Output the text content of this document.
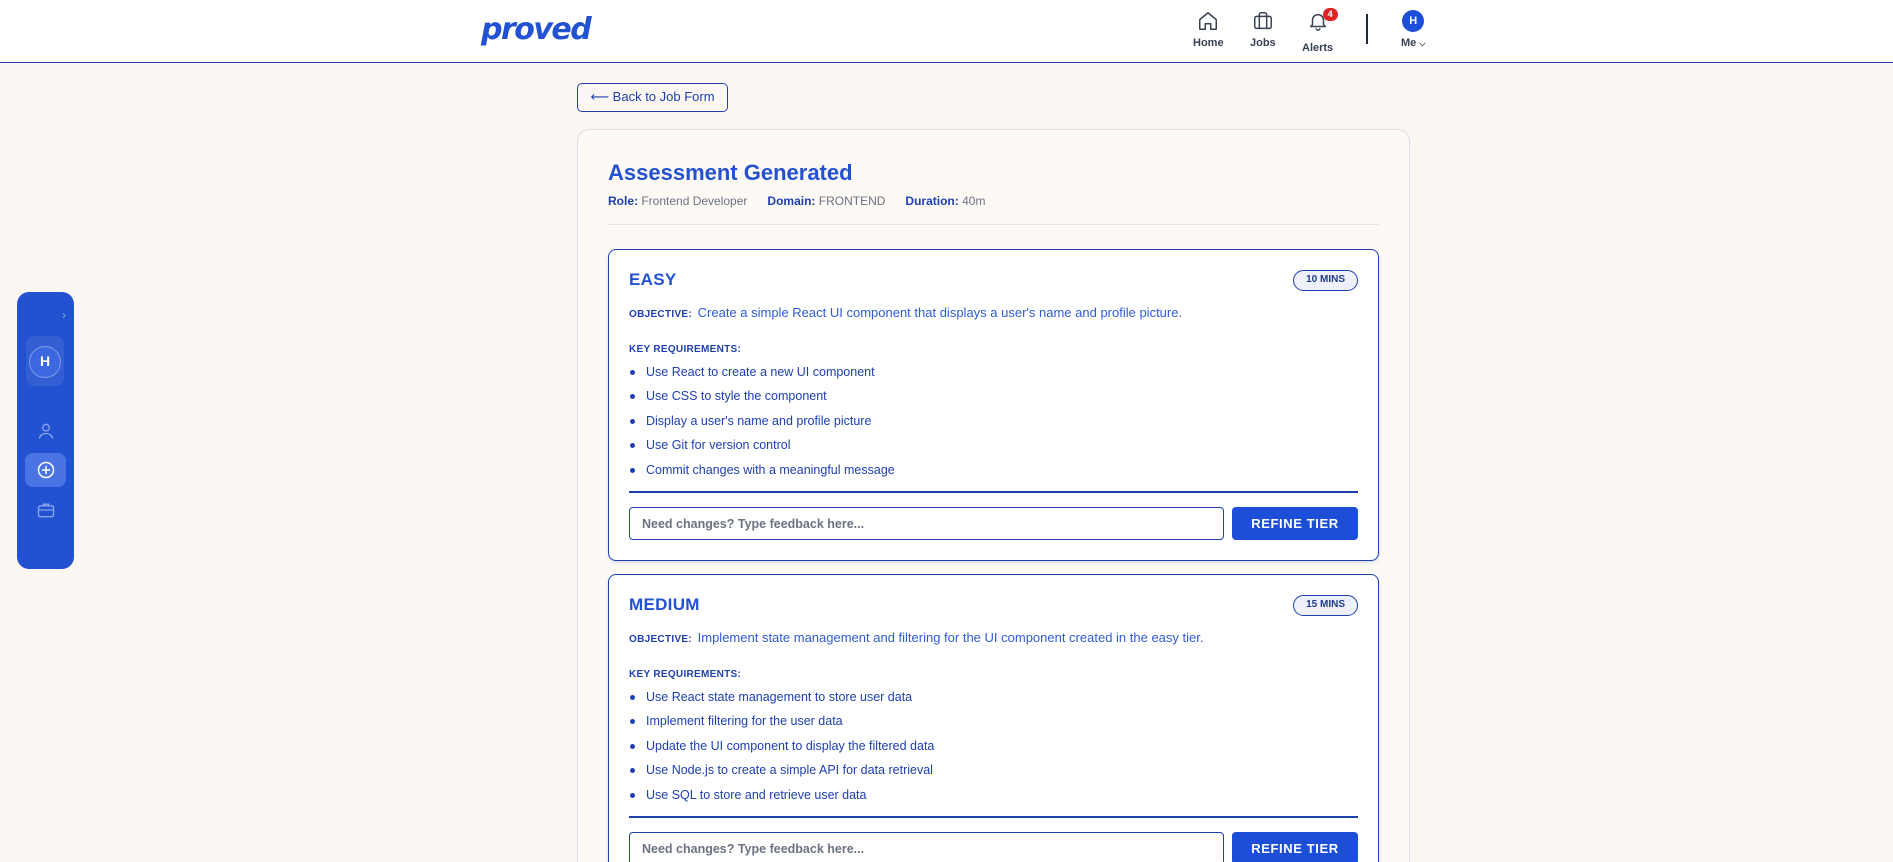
proved	Home Jobs
4
Alerts
H
Me ⌵
›
H
⟵ Back to Job Form
Assessment Generated
Role: Frontend Developer Domain: FRONTEND Duration: 40m
EASY	10 MINS
OBJECTIVE: Create a simple React UI component that displays a user's name and profile picture.
KEY REQUIREMENTS:
Use React to create a new UI component
Use CSS to style the component
Display a user's name and profile picture
Use Git for version control
Commit changes with a meaningful message
Need changes? Type feedback here...
REFINE TIER
MEDIUM	15 MINS
OBJECTIVE: Implement state management and filtering for the UI component created in the easy tier.
KEY REQUIREMENTS:
Use React state management to store user data
Implement filtering for the user data
Update the UI component to display the filtered data
Use Node.js to create a simple API for data retrieval
Use SQL to store and retrieve user data
Need changes? Type feedback here...
REFINE TIER
